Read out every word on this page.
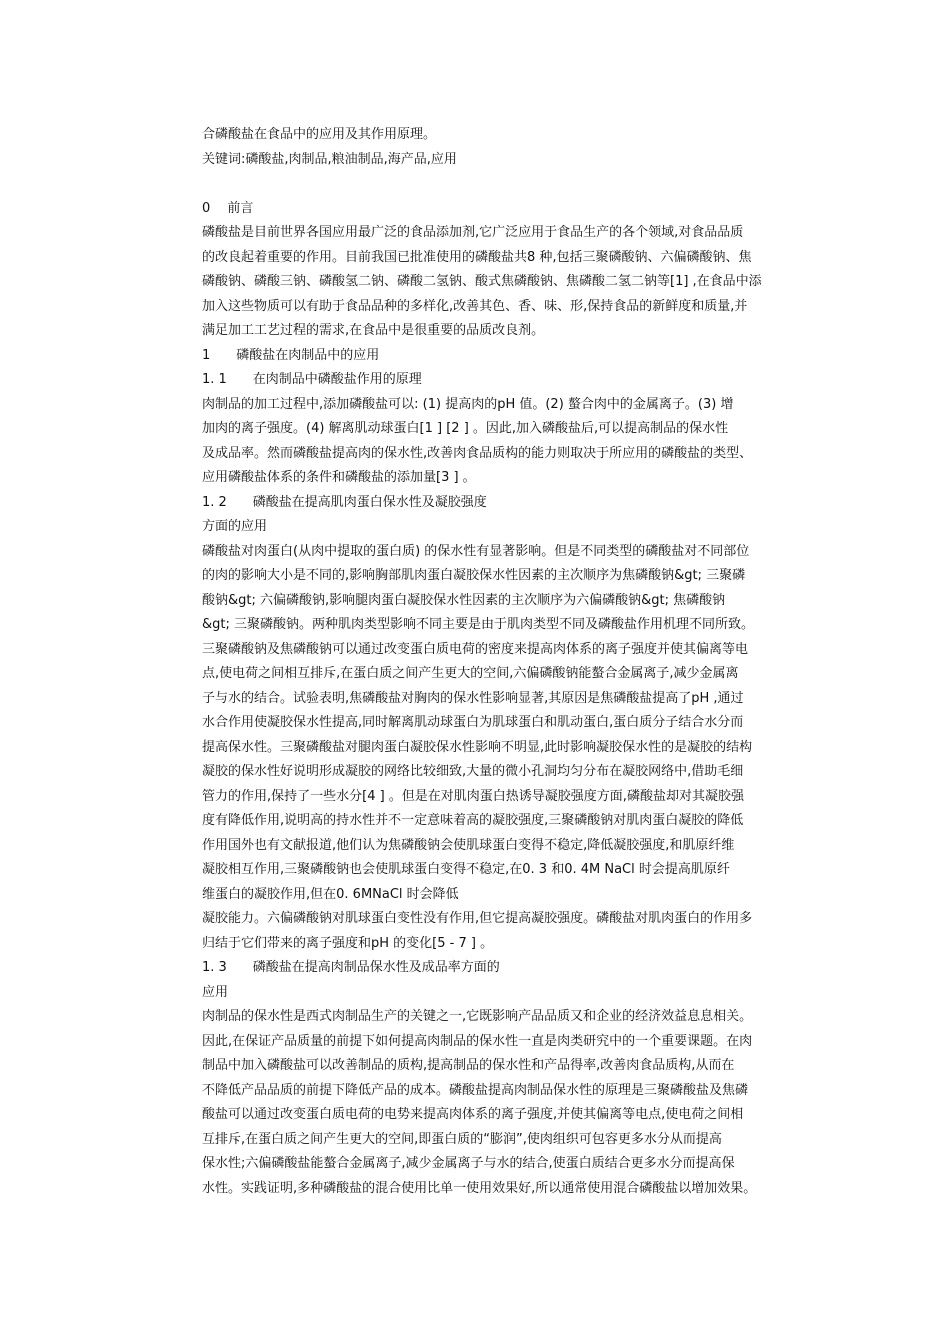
合磷酸盐在食品中的应用及其作用原理。

关键词:磷酸盐,肉制品,粮油制品,海产品,应用

0　 前言

磷酸盐是目前世界各国应用最广泛的食品添加剂,它广泛应用于食品生产的各个领域,对食品品质

的改良起着重要的作用。目前我国已批准使用的磷酸盐共8 种,包括三聚磷酸钠、六偏磷酸钠、焦

磷酸钠、磷酸三钠、磷酸氢二钠、磷酸二氢钠、酸式焦磷酸钠、焦磷酸二氢二钠等[1] ,在食品中添

加入这些物质可以有助于食品品种的多样化,改善其色、香、味、形,保持食品的新鲜度和质量,并

满足加工工艺过程的需求,在食品中是很重要的品质改良剂。

1　　磷酸盐在肉制品中的应用

1. 1　　在肉制品中磷酸盐作用的原理

肉制品的加工过程中,添加磷酸盐可以: (1) 提高肉的pH 值。(2) 螯合肉中的金属离子。(3) 增

加肉的离子强度。(4) 解离肌动球蛋白[1 ] [2 ] 。因此,加入磷酸盐后,可以提高制品的保水性

及成品率。然而磷酸盐提高肉的保水性,改善肉食品质构的能力则取决于所应用的磷酸盐的类型、

应用磷酸盐体系的条件和磷酸盐的添加量[3 ] 。

1. 2　　磷酸盐在提高肌肉蛋白保水性及凝胶强度

方面的应用

磷酸盐对肉蛋白(从肉中提取的蛋白质) 的保水性有显著影响。但是不同类型的磷酸盐对不同部位

的肉的影响大小是不同的,影响胸部肌肉蛋白凝胶保水性因素的主次顺序为焦磷酸钠&gt; 三聚磷

酸钠&gt; 六偏磷酸钠,影响腿肉蛋白凝胶保水性因素的主次顺序为六偏磷酸钠&gt; 焦磷酸钠

&gt; 三聚磷酸钠。两种肌肉类型影响不同主要是由于肌肉类型不同及磷酸盐作用机理不同所致。

三聚磷酸钠及焦磷酸钠可以通过改变蛋白质电荷的密度来提高肉体系的离子强度并使其偏离等电

点,使电荷之间相互排斥,在蛋白质之间产生更大的空间,六偏磷酸钠能螯合金属离子,减少金属离

子与水的结合。试验表明,焦磷酸盐对胸肉的保水性影响显著,其原因是焦磷酸盐提高了pH ,通过

水合作用使凝胶保水性提高,同时解离肌动球蛋白为肌球蛋白和肌动蛋白,蛋白质分子结合水分而

提高保水性。三聚磷酸盐对腿肉蛋白凝胶保水性影响不明显,此时影响凝胶保水性的是凝胶的结构

凝胶的保水性好说明形成凝胶的网络比较细致,大量的微小孔洞均匀分布在凝胶网络中,借助毛细

管力的作用,保持了一些水分[4 ] 。但是在对肌肉蛋白热诱导凝胶强度方面,磷酸盐却对其凝胶强

度有降低作用,说明高的持水性并不一定意味着高的凝胶强度,三聚磷酸钠对肌肉蛋白凝胶的降低

作用国外也有文献报道,他们认为焦磷酸钠会使肌球蛋白变得不稳定,降低凝胶强度,和肌原纤维

凝胶相互作用,三聚磷酸钠也会使肌球蛋白变得不稳定,在0. 3 和0. 4M NaCl 时会提高肌原纤

维蛋白的凝胶作用,但在0. 6MNaCl 时会降低

凝胶能力。六偏磷酸钠对肌球蛋白变性没有作用,但它提高凝胶强度。磷酸盐对肌肉蛋白的作用多

归结于它们带来的离子强度和pH 的变化[5 - 7 ] 。

1. 3　　磷酸盐在提高肉制品保水性及成品率方面的

应用

肉制品的保水性是西式肉制品生产的关键之一,它既影响产品品质又和企业的经济效益息息相关。

因此,在保证产品质量的前提下如何提高肉制品的保水性一直是肉类研究中的一个重要课题。在肉

制品中加入磷酸盐可以改善制品的质构,提高制品的保水性和产品得率,改善肉食品质构,从而在

不降低产品品质的前提下降低产品的成本。磷酸盐提高肉制品保水性的原理是三聚磷酸盐及焦磷

酸盐可以通过改变蛋白质电荷的电势来提高肉体系的离子强度,并使其偏离等电点,使电荷之间相

互排斥,在蛋白质之间产生更大的空间,即蛋白质的“膨润”,使肉组织可包容更多水分从而提高

保水性;六偏磷酸盐能螯合金属离子,减少金属离子与水的结合,使蛋白质结合更多水分而提高保

水性。实践证明,多种磷酸盐的混合使用比单一使用效果好,所以通常使用混合磷酸盐以增加效果。
